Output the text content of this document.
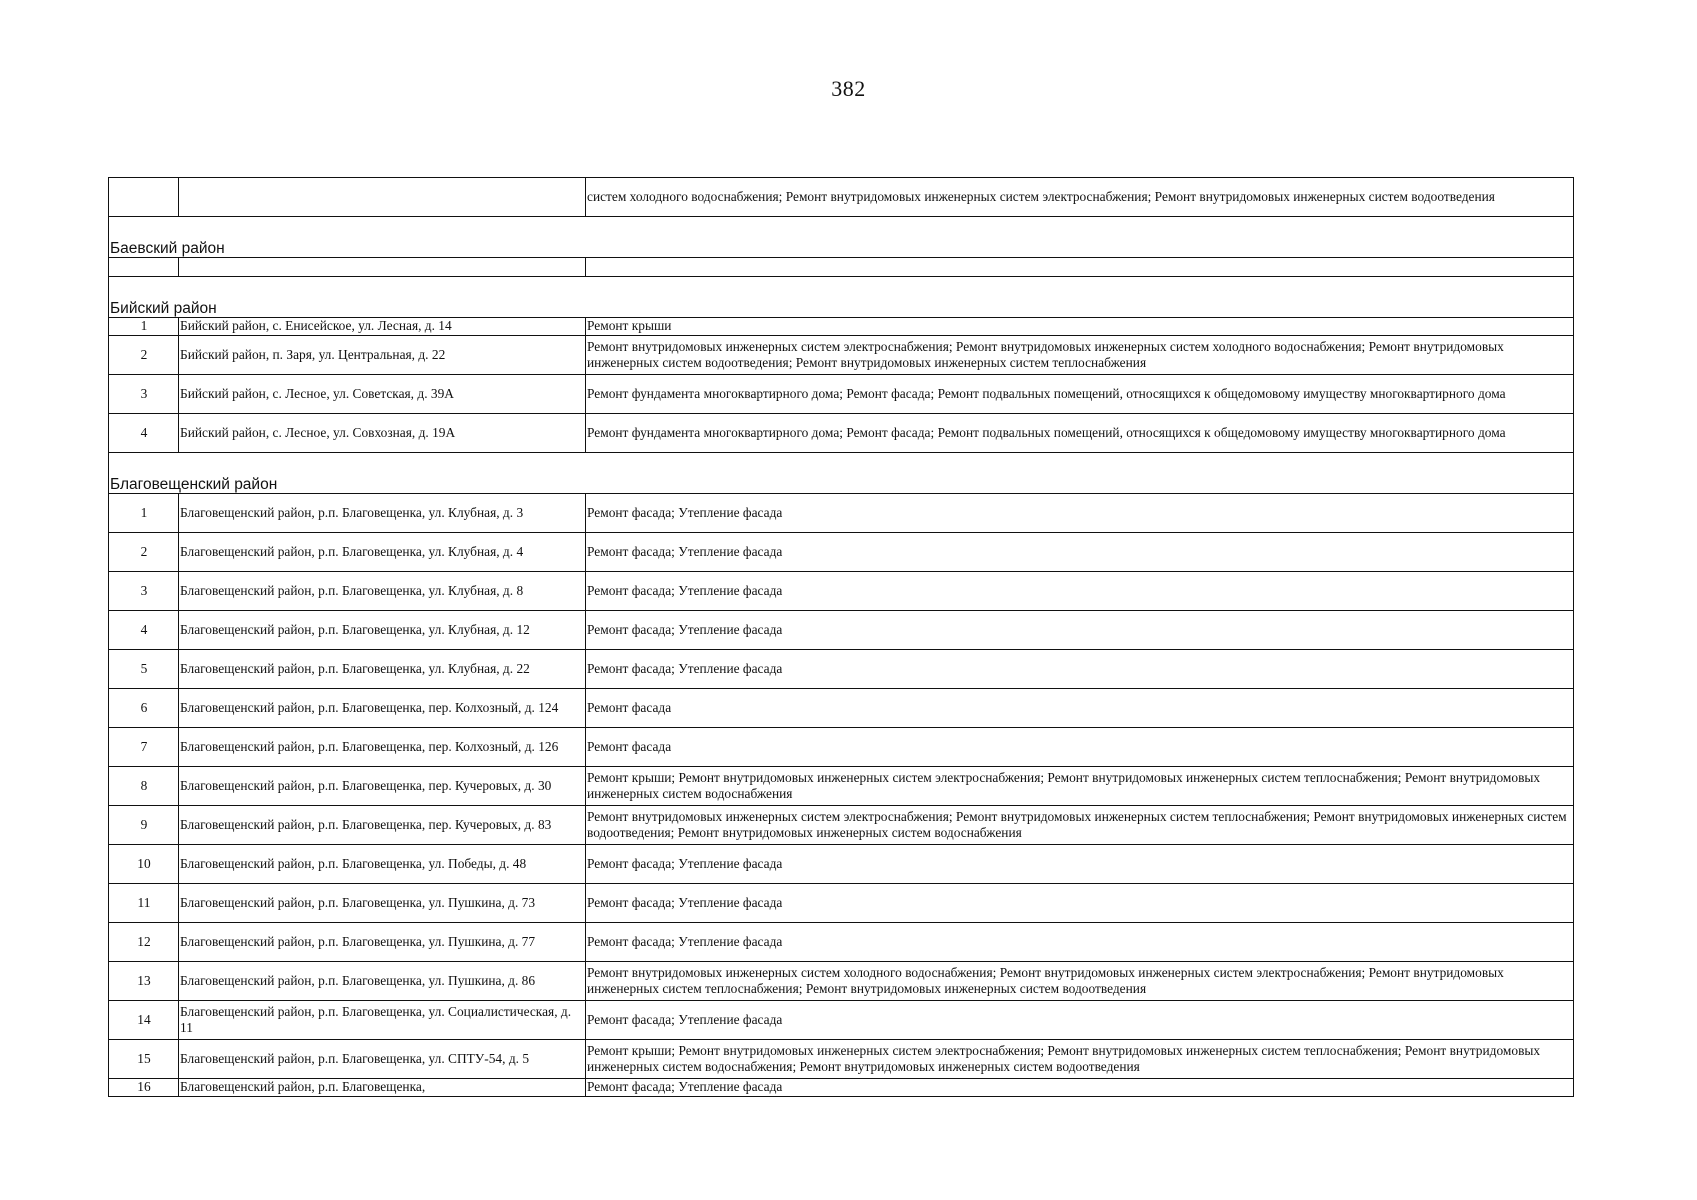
382
		систем холодного водоснабжения; Ремонт внутридомовых инженерных систем электроснабжения; Ремонт внутридомовых инженерных систем водоотведения
Баевский район		

Бийский район		
1	Бийский район, с. Енисейское, ул. Лесная, д. 14	Ремонт крыши
2	Бийский район, п. Заря, ул. Центральная, д. 22	Ремонт внутридомовых инженерных систем электроснабжения; Ремонт внутридомовых инженерных систем холодного водоснабжения; Ремонт внутридомовых инженерных систем водоотведения; Ремонт внутридомовых инженерных систем теплоснабжения
3	Бийский район, с. Лесное, ул. Советская, д. 39А	Ремонт фундамента многоквартирного дома; Ремонт фасада; Ремонт подвальных помещений, относящихся к общедомовому имуществу многоквартирного дома
4	Бийский район, с. Лесное, ул. Совхозная, д. 19А	Ремонт фундамента многоквартирного дома; Ремонт фасада; Ремонт подвальных помещений, относящихся к общедомовому имуществу многоквартирного дома
Благовещенский район		
1	Благовещенский район, р.п. Благовещенка, ул. Клубная, д. 3	Ремонт фасада; Утепление фасада
2	Благовещенский район, р.п. Благовещенка, ул. Клубная, д. 4	Ремонт фасада; Утепление фасада
3	Благовещенский район, р.п. Благовещенка, ул. Клубная, д. 8	Ремонт фасада; Утепление фасада
4	Благовещенский район, р.п. Благовещенка, ул. Клубная, д. 12	Ремонт фасада; Утепление фасада
5	Благовещенский район, р.п. Благовещенка, ул. Клубная, д. 22	Ремонт фасада; Утепление фасада
6	Благовещенский район, р.п. Благовещенка, пер. Колхозный, д. 124	Ремонт фасада
7	Благовещенский район, р.п. Благовещенка, пер. Колхозный, д. 126	Ремонт фасада
8	Благовещенский район, р.п. Благовещенка, пер. Кучеровых, д. 30	Ремонт крыши; Ремонт внутридомовых инженерных систем электроснабжения; Ремонт внутридомовых инженерных систем теплоснабжения; Ремонт внутридомовых инженерных систем водоснабжения
9	Благовещенский район, р.п. Благовещенка, пер. Кучеровых, д. 83	Ремонт внутридомовых инженерных систем электроснабжения; Ремонт внутридомовых инженерных систем теплоснабжения; Ремонт внутридомовых инженерных систем водоотведения; Ремонт внутридомовых инженерных систем водоснабжения
10	Благовещенский район, р.п. Благовещенка, ул. Победы, д. 48	Ремонт фасада; Утепление фасада
11	Благовещенский район, р.п. Благовещенка, ул. Пушкина, д. 73	Ремонт фасада; Утепление фасада
12	Благовещенский район, р.п. Благовещенка, ул. Пушкина, д. 77	Ремонт фасада; Утепление фасада
13	Благовещенский район, р.п. Благовещенка, ул. Пушкина, д. 86	Ремонт внутридомовых инженерных систем холодного водоснабжения; Ремонт внутридомовых инженерных систем электроснабжения; Ремонт внутридомовых инженерных систем теплоснабжения; Ремонт внутридомовых инженерных систем водоотведения
14	Благовещенский район, р.п. Благовещенка, ул. Социалистическая, д. 11	Ремонт фасада; Утепление фасада
15	Благовещенский район, р.п. Благовещенка, ул. СПТУ-54, д. 5	Ремонт крыши; Ремонт внутридомовых инженерных систем электроснабжения; Ремонт внутридомовых инженерных систем теплоснабжения; Ремонт внутридомовых инженерных систем водоснабжения; Ремонт внутридомовых инженерных систем водоотведения
16	Благовещенский район, р.п. Благовещенка,	Ремонт фасада; Утепление фасада
